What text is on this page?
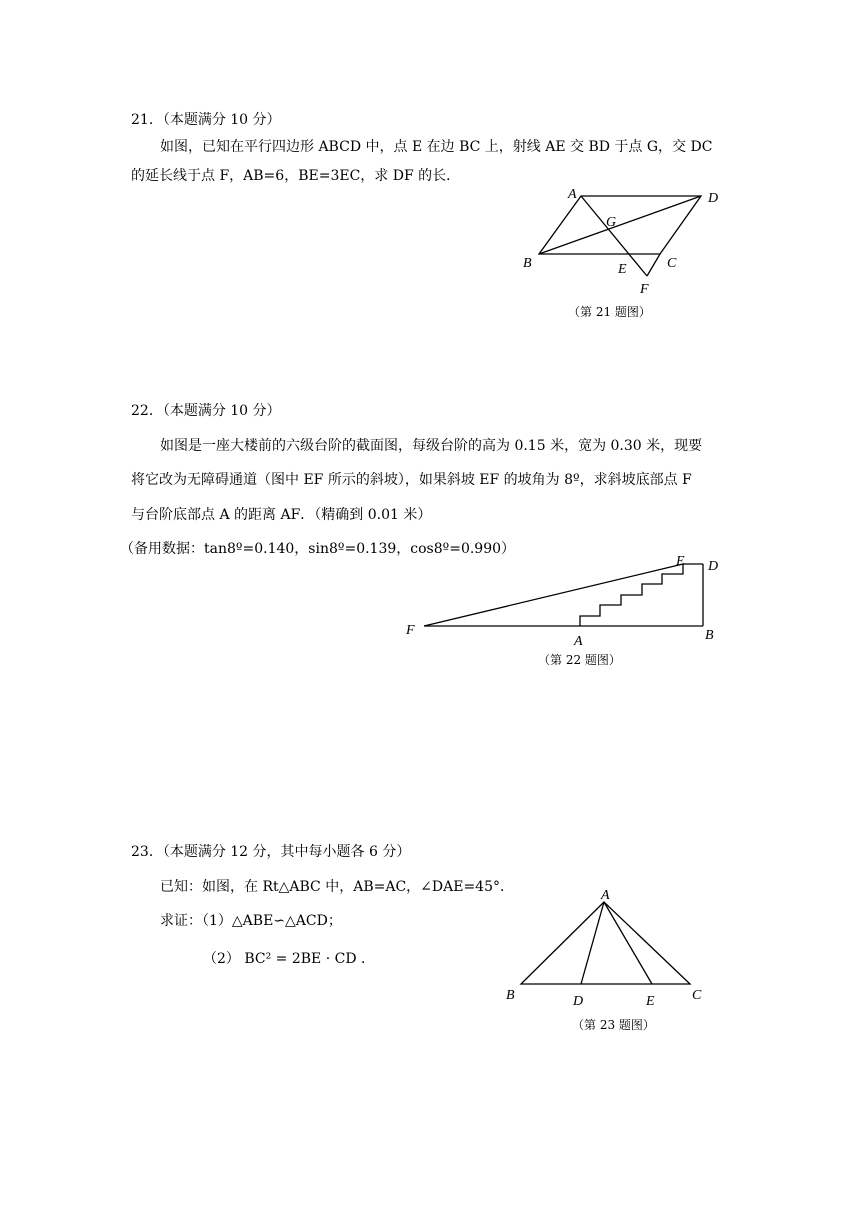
21．（本题满分 10 分）
如图，已知在平行四边形 ABCD 中，点 E 在边 BC 上，射线 AE 交 BD 于点 G，交 DC
的延长线于点 F，AB=6，BE=3EC，求 DF 的长．
A	D
G
B	E	C
F
（第 21 题图）
22．（本题满分 10 分）
如图是一座大楼前的六级台阶的截面图，每级台阶的高为 0.15 米，宽为 0.30 米，现要
将它改为无障碍通道（图中 EF 所示的斜坡），如果斜坡 EF 的坡角为 8º，求斜坡底部点 F
与台阶底部点 A 的距离 AF．（精确到 0.01 米）
（备用数据：tan8º=0.140，sin8º=0.139，cos8º=0.990）
E D
F
A	B
（第 22 题图）
23．（本题满分 12 分，其中每小题各 6 分）
已知：如图，在 Rt△ABC 中，AB=AC，∠DAE=45°．
求证：（1）△ABE∽△ACD；
（2） BC² = 2BE · CD ．
A
B	D	E	C
（第 23 题图）
